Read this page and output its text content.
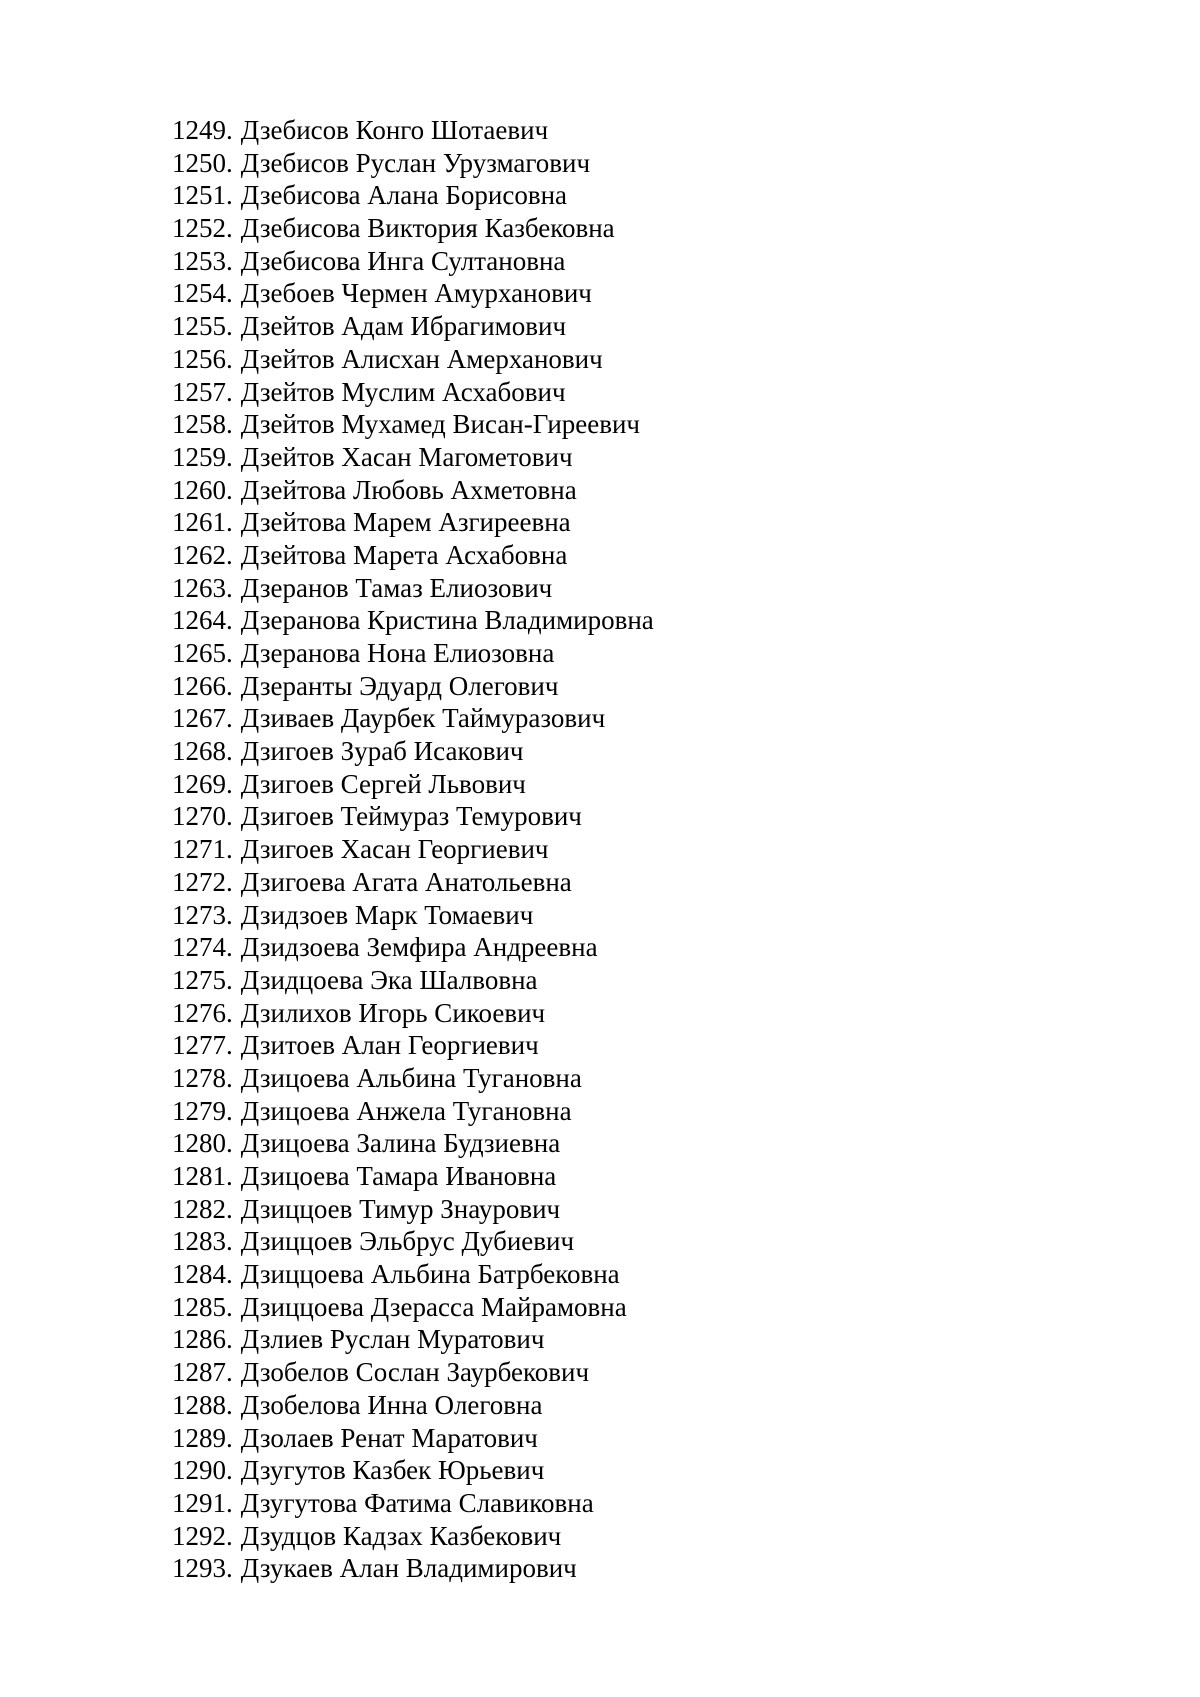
1249. Дзебисов Конго Шотаевич
1250. Дзебисов Руслан Урузмагович
1251. Дзебисова Алана Борисовна
1252. Дзебисова Виктория Казбековна
1253. Дзебисова Инга Султановна
1254. Дзебоев Чермен Амурханович
1255. Дзейтов Адам Ибрагимович
1256. Дзейтов Алисхан Амерханович
1257. Дзейтов Муслим Асхабович
1258. Дзейтов Мухамед Висан-Гиреевич
1259. Дзейтов Хасан Магометович
1260. Дзейтова Любовь Ахметовна
1261. Дзейтова Марем Азгиреевна
1262. Дзейтова Марета Асхабовна
1263. Дзеранов Тамаз Елиозович
1264. Дзеранова Кристина Владимировна
1265. Дзеранова Нона Елиозовна
1266. Дзеранты Эдуард Олегович
1267. Дзиваев Даурбек Таймуразович
1268. Дзигоев Зураб Исакович
1269. Дзигоев Сергей Львович
1270. Дзигоев Теймураз Темурович
1271. Дзигоев Хасан Георгиевич
1272. Дзигоева Агата Анатольевна
1273. Дзидзоев Марк Томаевич
1274. Дзидзоева Земфира Андреевна
1275. Дзидцоева Эка Шалвовна
1276. Дзилихов Игорь Сикоевич
1277. Дзитоев Алан Георгиевич
1278. Дзицоева Альбина Тугановна
1279. Дзицоева Анжела Тугановна
1280. Дзицоева Залина Будзиевна
1281. Дзицоева Тамара Ивановна
1282. Дзиццоев Тимур Знаурович
1283. Дзиццоев Эльбрус Дубиевич
1284. Дзиццоева Альбина Батрбековна
1285. Дзиццоева Дзерасса Майрамовна
1286. Дзлиев Руслан Муратович
1287. Дзобелов Сослан Заурбекович
1288. Дзобелова Инна Олеговна
1289. Дзолаев Ренат Маратович
1290. Дзугутов Казбек Юрьевич
1291. Дзугутова Фатима Славиковна
1292. Дзудцов Кадзах Казбекович
1293. Дзукаев Алан Владимирович
